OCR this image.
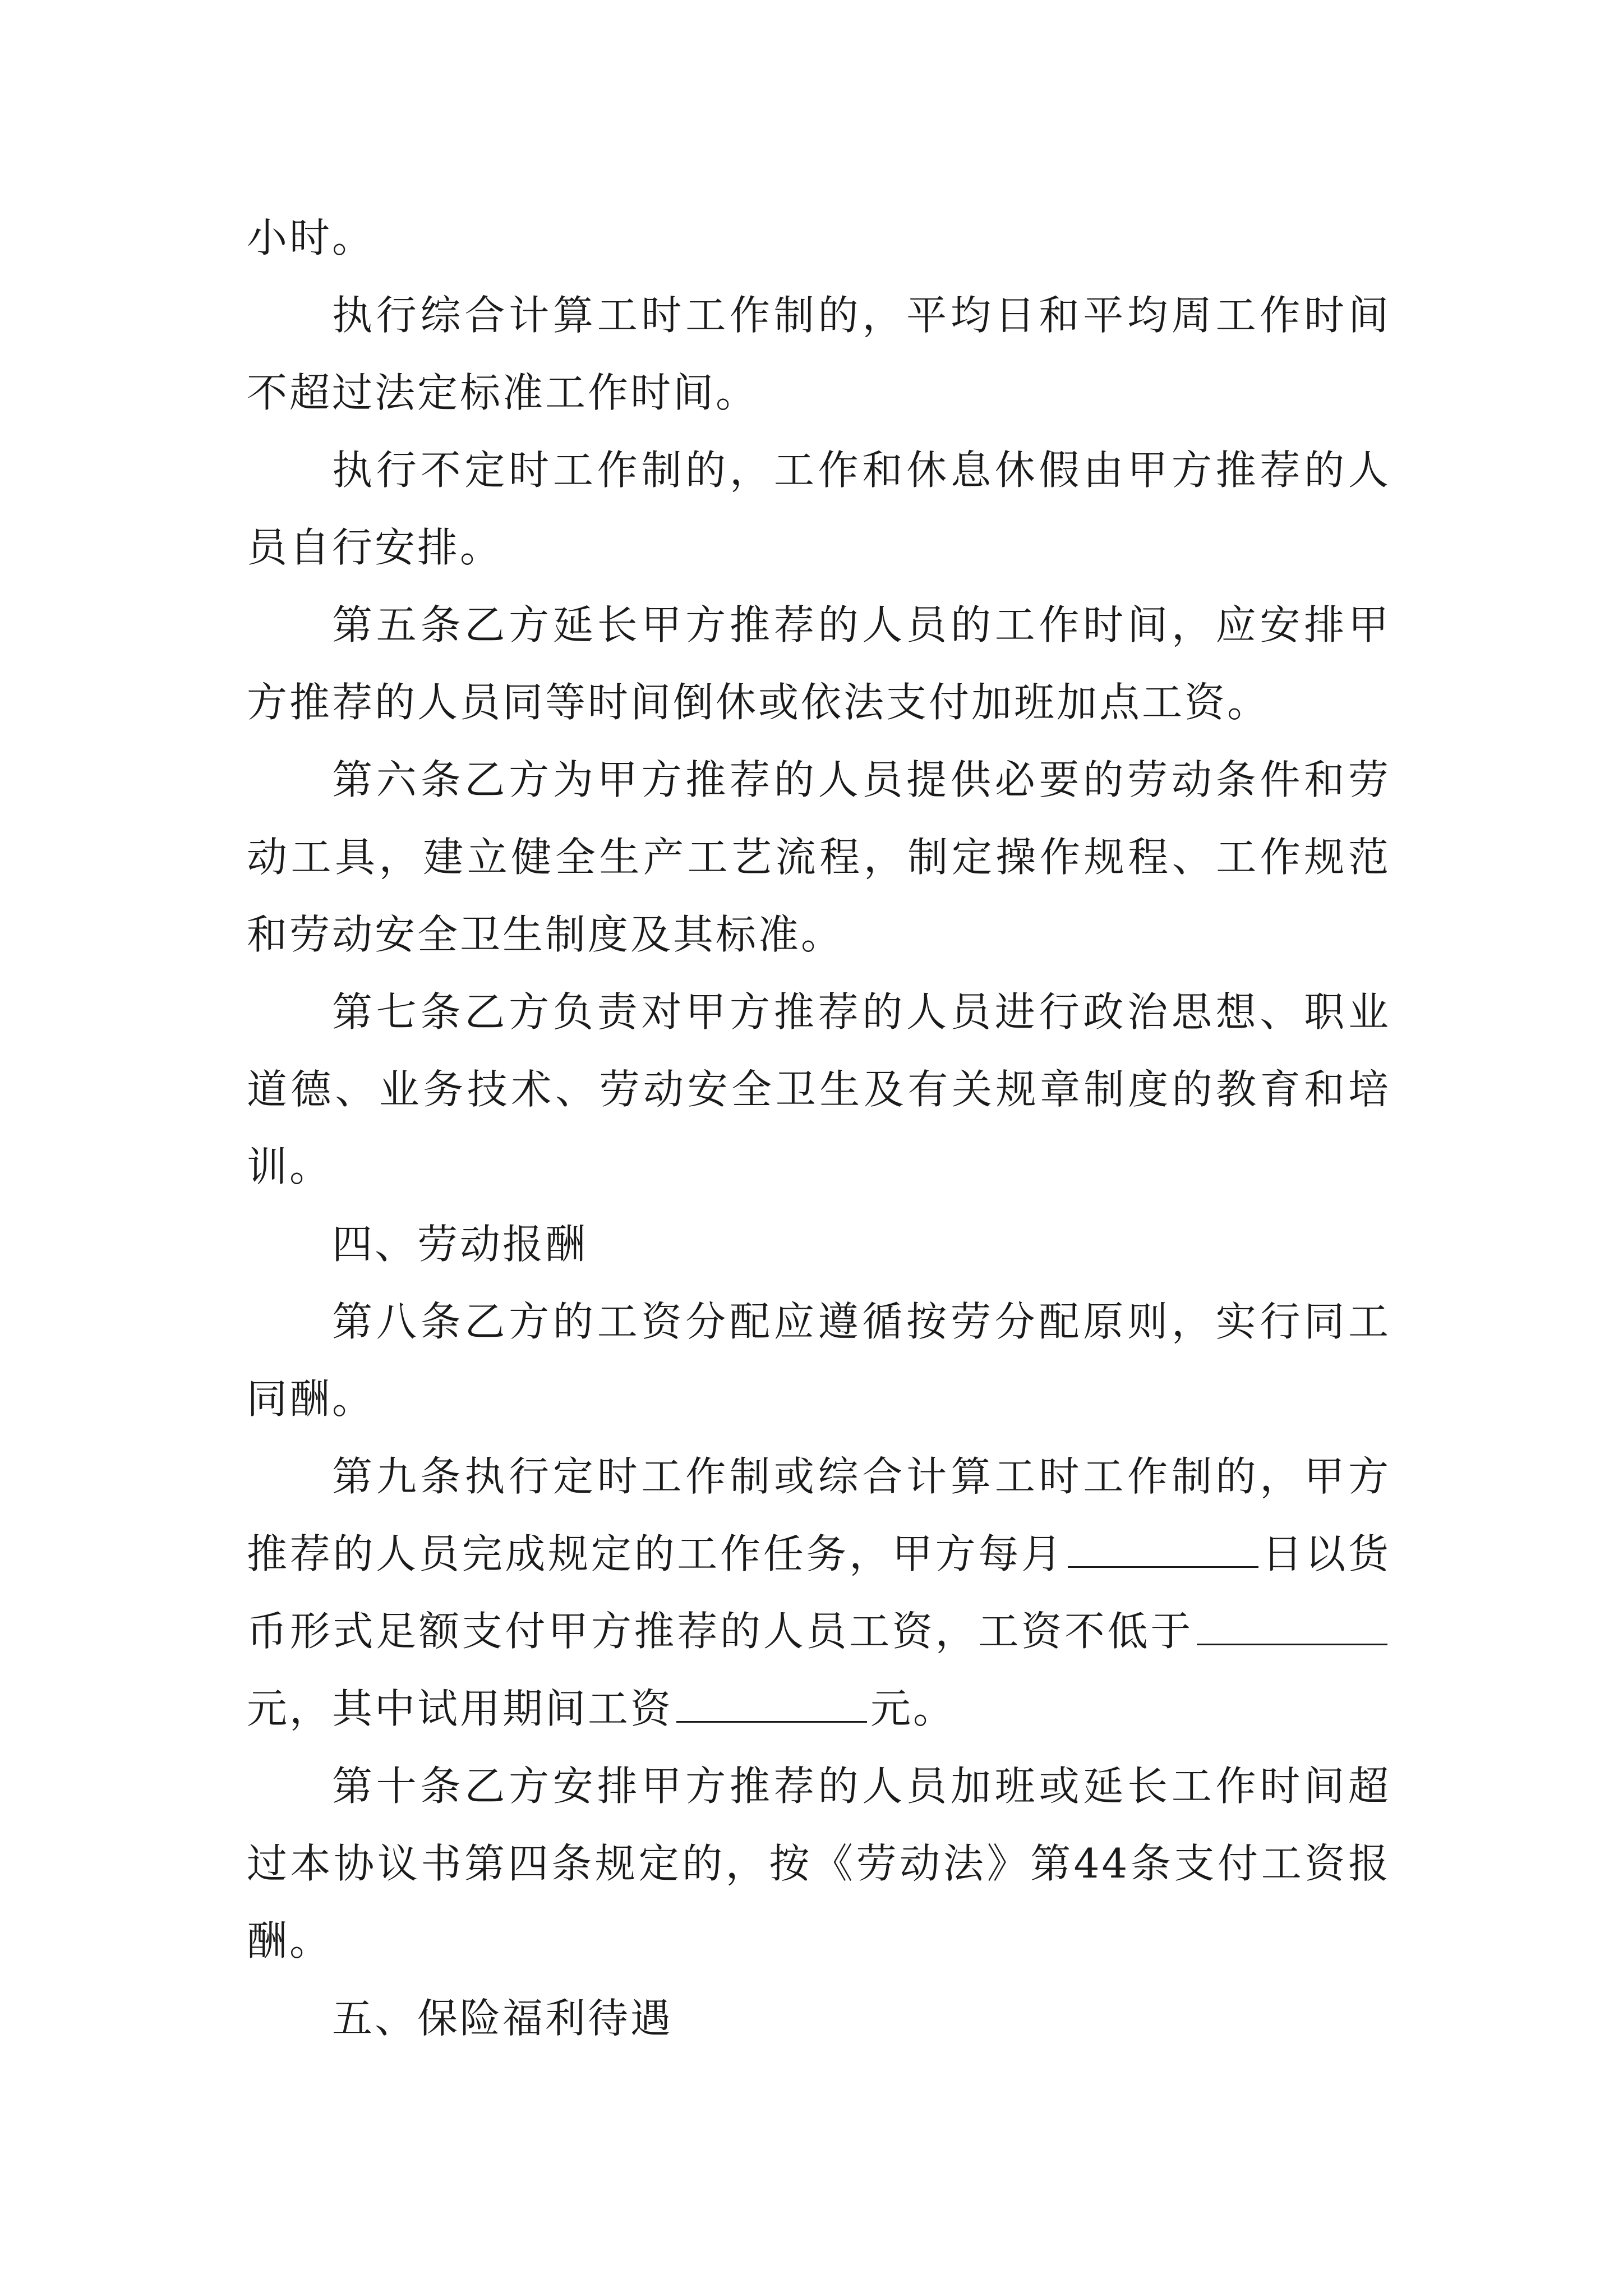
小时。

执行综合计算工时工作制的，平均日和平均周工作时间不超过法定标准工作时间。

执行不定时工作制的，工作和休息休假由甲方推荐的人员自行安排。

第五条乙方延长甲方推荐的人员的工作时间，应安排甲方推荐的人员同等时间倒休或依法支付加班加点工资。

第六条乙方为甲方推荐的人员提供必要的劳动条件和劳动工具，建立健全生产工艺流程，制定操作规程、工作规范和劳动安全卫生制度及其标准。

第七条乙方负责对甲方推荐的人员进行政治思想、职业道德、业务技术、劳动安全卫生及有关规章制度的教育和培训。

四、劳动报酬

第八条乙方的工资分配应遵循按劳分配原则，实行同工同酬。

第九条执行定时工作制或综合计算工时工作制的，甲方推荐的人员完成规定的工作任务，甲方每月	日以货币形式足额支付甲方推荐的人员工资，工资不低于元，其中试用期间工资	元。

第十条乙方安排甲方推荐的人员加班或延长工作时间超过本协议书第四条规定的，按《劳动法》第44条支付工资报酬。

五、保险福利待遇
